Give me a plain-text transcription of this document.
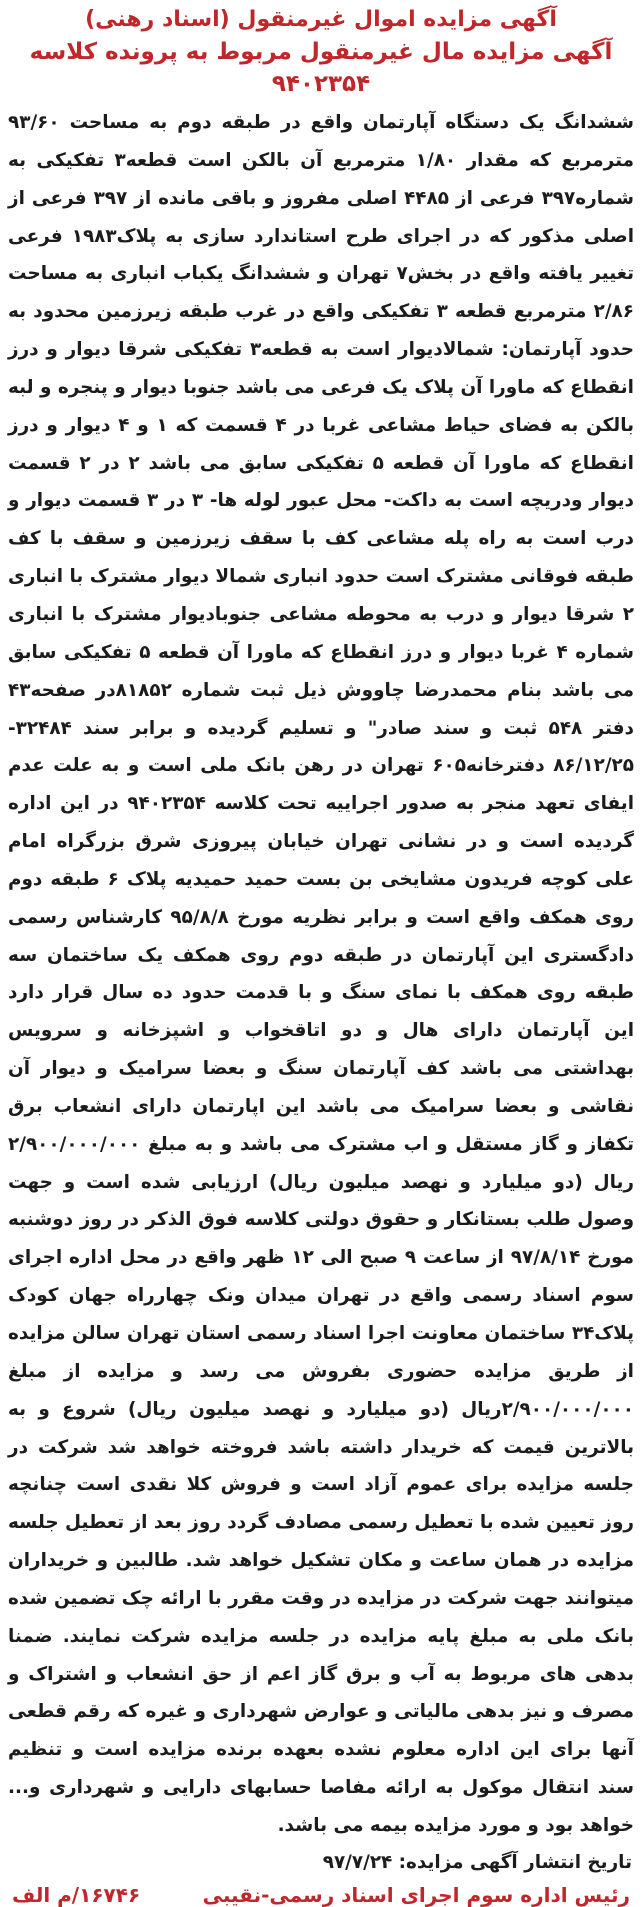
آگهی مزایده اموال غیرمنقول (اسناد رهنی)
آگهی مزایده مال غیرمنقول مربوط به پرونده کلاسه ۹۴۰۲۳۵۴

ششدانگ یک دستگاه آپارتمان واقع در طبقه دوم به مساحت ۹۳/۶۰ مترمربع که مقدار ۱/۸۰ مترمربع آن بالکن است قطعه۳ تفکیکی به شماره۳۹۷ فرعی از ۴۴۸۵ اصلی مفروز و باقی مانده از ۳۹۷ فرعی از اصلی مذکور که در اجرای طرح استاندارد سازی به پلاک۱۹۸۳ فرعی تغییر یافته واقع در بخش۷ تهران و ششدانگ یکباب انباری به مساحت ۲/۸۶ مترمربع قطعه ۳ تفکیکی واقع در غرب طبقه زیرزمین محدود به حدود آپارتمان: شمالادیوار است به قطعه۳ تفکیکی شرقا دیوار و درز انقطاع که ماورا آن پلاک یک فرعی می باشد جنوبا دیوار و پنجره و لبه بالکن به فضای حیاط مشاعی غربا در ۴ قسمت که ۱ و ۴ دیوار و درز انقطاع که ماورا آن قطعه ۵ تفکیکی سابق می باشد ۲ در ۲ قسمت دیوار ودریچه است به داکت- محل عبور لوله ها- ۳ در ۳ قسمت دیوار و درب است به راه پله مشاعی کف با سقف زیرزمین و سقف با کف طبقه فوقانی مشترک است حدود انباری شمالا دیوار مشترک با انباری ۲ شرقا دیوار و درب به محوطه مشاعی جنوبادیوار مشترک با انباری شماره ۴ غربا دیوار و درز انقطاع که ماورا آن قطعه ۵ تفکیکی سابق می باشد بنام محمدرضا چاووش ذیل ثبت شماره ۸۱۸۵۲در صفحه۴۳ دفتر ۵۴۸ ثبت و سند صادر" و تسلیم گردیده و برابر سند ۳۲۴۸۴- ۸۶/۱۲/۲۵ دفترخانه۶۰۵ تهران در رهن بانک ملی است و به علت عدم ایفای تعهد منجر به صدور اجراییه تحت کلاسه ۹۴۰۲۳۵۴ در این اداره گردیده است و در نشانی تهران خیابان پیروزی شرق بزرگراه امام علی کوچه فریدون مشایخی بن بست حمید حمیدیه پلاک ۶ طبقه دوم روی همکف واقع است و برابر نظریه مورخ ۹۵/۸/۸ کارشناس رسمی دادگستری این آپارتمان در طبقه دوم روی همکف یک ساختمان سه طبقه روی همکف با نمای سنگ و با قدمت حدود ده سال قرار دارد این آپارتمان دارای هال و دو اتاقخواب و اشپزخانه و سرویس بهداشتی می باشد کف آپارتمان سنگ و بعضا سرامیک و دیوار آن نقاشی و بعضا سرامیک می باشد این اپارتمان دارای انشعاب برق تکفاز و گاز مستقل و اب مشترک می باشد و به مبلغ ۲/۹۰۰/۰۰۰/۰۰۰ ریال (دو میلیارد و نهصد میلیون ریال) ارزیابی شده است و جهت وصول طلب بستانکار و حقوق دولتی کلاسه فوق الذکر در روز دوشنبه مورخ ۹۷/۸/۱۴ از ساعت ۹ صبح الی ۱۲ ظهر واقع در محل اداره اجرای سوم اسناد رسمی واقع در تهران میدان ونک چهارراه جهان کودک پلاک۳۴ ساختمان معاونت اجرا اسناد رسمی استان تهران سالن مزایده از طریق مزایده حضوری بفروش می رسد و مزایده از مبلغ ۲/۹۰۰/۰۰۰/۰۰۰ریال (دو میلیارد و نهصد میلیون ریال) شروع و به بالاترین قیمت که خریدار داشته باشد فروخته خواهد شد شرکت در جلسه مزایده برای عموم آزاد است و فروش کلا نقدی است چنانچه روز تعیین شده با تعطیل رسمی مصادف گردد روز بعد از تعطیل جلسه مزایده در همان ساعت و مکان تشکیل خواهد شد. طالبین و خریداران میتوانند جهت شرکت در مزایده در وقت مقرر با ارائه چک تضمین شده بانک ملی به مبلغ پایه مزایده در جلسه مزایده شرکت نمایند. ضمنا بدهی های مربوط به آب و برق گاز اعم از حق انشعاب و اشتراک و مصرف و نیز بدهی مالیاتی و عوارض شهرداری و غیره که رقم قطعی آنها برای این اداره معلوم نشده بعهده برنده مزایده است و تنظیم سند انتقال موکول به ارائه مفاصا حسابهای دارایی و شهرداری و... خواهد بود و مورد مزایده بیمه می باشد.

تاریخ انتشار آگهی مزایده: ۹۷/۷/۲۴

رئیس اداره سوم اجرای اسناد رسمی-نقیبی
۱۶۷۴۶/م الف
